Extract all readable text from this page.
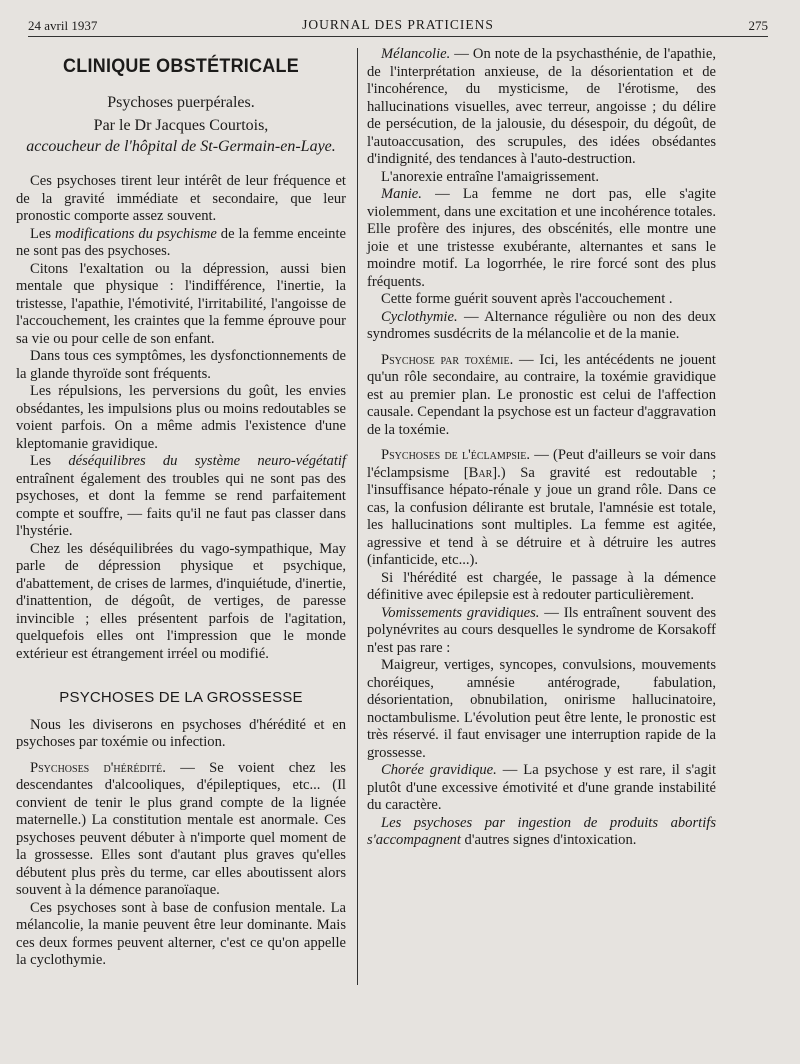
24 avril 1937	JOURNAL DES PRATICIENS	275
CLINIQUE OBSTÉTRICALE
Psychoses puerpérales.
Par le Dr Jacques Courtois,
accoucheur de l'hôpital de St-Germain-en-Laye.

Ces psychoses tirent leur intérêt de leur fréquence et de la gravité immédiate et secondaire, que leur pronostic comporte assez souvent.

Les modifications du psychisme de la femme enceinte ne sont pas des psychoses.

Citons l'exaltation ou la dépression, aussi bien mentale que physique : l'indifférence, l'inertie, la tristesse, l'apathie, l'émotivité, l'irritabilité, l'angoisse de l'accouchement, les craintes que la femme éprouve pour sa vie ou pour celle de son enfant.

Dans tous ces symptômes, les dysfonctionnements de la glande thyroïde sont fréquents.

Les répulsions, les perversions du goût, les envies obsédantes, les impulsions plus ou moins redoutables se voient parfois. On a même admis l'existence d'une kleptomanie gravidique.

Les déséquilibres du système neuro-végétatif entraînent également des troubles qui ne sont pas des psychoses, et dont la femme se rend parfaitement compte et souffre, — faits qu'il ne faut pas classer dans l'hystérie.

Chez les déséquilibrées du vago-sympathique, May parle de dépression physique et psychique, d'abattement, de crises de larmes, d'inquiétude, d'inertie, d'inattention, de dégoût, de vertiges, de paresse invincible ; elles présentent parfois de l'agitation, quelquefois elles ont l'impression que le monde extérieur est étrangement irréel ou modifié.

PSYCHOSES DE LA GROSSESSE

Nous les diviserons en psychoses d'hérédité et en psychoses par toxémie ou infection.

Psychoses d'hérédité. — Se voient chez les descendantes d'alcooliques, d'épileptiques, etc... (Il convient de tenir le plus grand compte de la lignée maternelle.) La constitution mentale est anormale. Ces psychoses peuvent débuter à n'importe quel moment de la grossesse. Elles sont d'autant plus graves qu'elles débutent plus près du terme, car elles aboutissent alors souvent à la démence paranoïaque.

Ces psychoses sont à base de confusion mentale. La mélancolie, la manie peuvent être leur dominante. Mais ces deux formes peuvent alterner, c'est ce qu'on appelle la cyclothymie.

Mélancolie. — On note de la psychasthénie, de l'apathie, de l'interprétation anxieuse, de la désorientation et de l'incohérence, du mysticisme, de l'érotisme, des hallucinations visuelles, avec terreur, angoisse ; du délire de persécution, de la jalousie, du désespoir, du dégoût, de l'autoaccusation, des scrupules, des idées obsédantes d'indignité, des tendances à l'auto-destruction.

L'anorexie entraîne l'amaigrissement.

Manie. — La femme ne dort pas, elle s'agite violemment, dans une excitation et une incohérence totales. Elle profère des injures, des obscénités, elle montre une joie et une tristesse exubérante, alternantes et sans le moindre motif. La logorrhée, le rire forcé sont des plus fréquents.

Cette forme guérit souvent après l'accouchement .

Cyclothymie. — Alternance régulière ou non des deux syndromes susdécrits de la mélancolie et de la manie.

Psychose par toxémie. — Ici, les antécédents ne jouent qu'un rôle secondaire, au contraire, la toxémie gravidique est au premier plan. Le pronostic est celui de l'affection causale. Cependant la psychose est un facteur d'aggravation de la toxémie.

Psychoses de l'éclampsie. — (Peut d'ailleurs se voir dans l'éclampsisme [Bar].) Sa gravité est redoutable ; l'insuffisance hépato-rénale y joue un grand rôle. Dans ce cas, la confusion délirante est brutale, l'amnésie est totale, les hallucinations sont multiples. La femme est agitée, agressive et tend à se détruire et à détruire les autres (infanticide, etc...).

Si l'hérédité est chargée, le passage à la démence définitive avec épilepsie est à redouter particulièrement.

Vomissements gravidiques. — Ils entraînent souvent des polynévrites au cours desquelles le syndrome de Korsakoff n'est pas rare :

Maigreur, vertiges, syncopes, convulsions, mouvements choréiques, amnésie antérograde, fabulation, désorientation, obnubilation, onirisme hallucinatoire, noctambulisme. L'évolution peut être lente, le pronostic est très réservé. il faut envisager une interruption rapide de la grossesse.

Chorée gravidique. — La psychose y est rare, il s'agit plutôt d'une excessive émotivité et d'une grande instabilité du caractère.

Les psychoses par ingestion de produits abortifs s'accompagnent d'autres signes d'intoxication.
